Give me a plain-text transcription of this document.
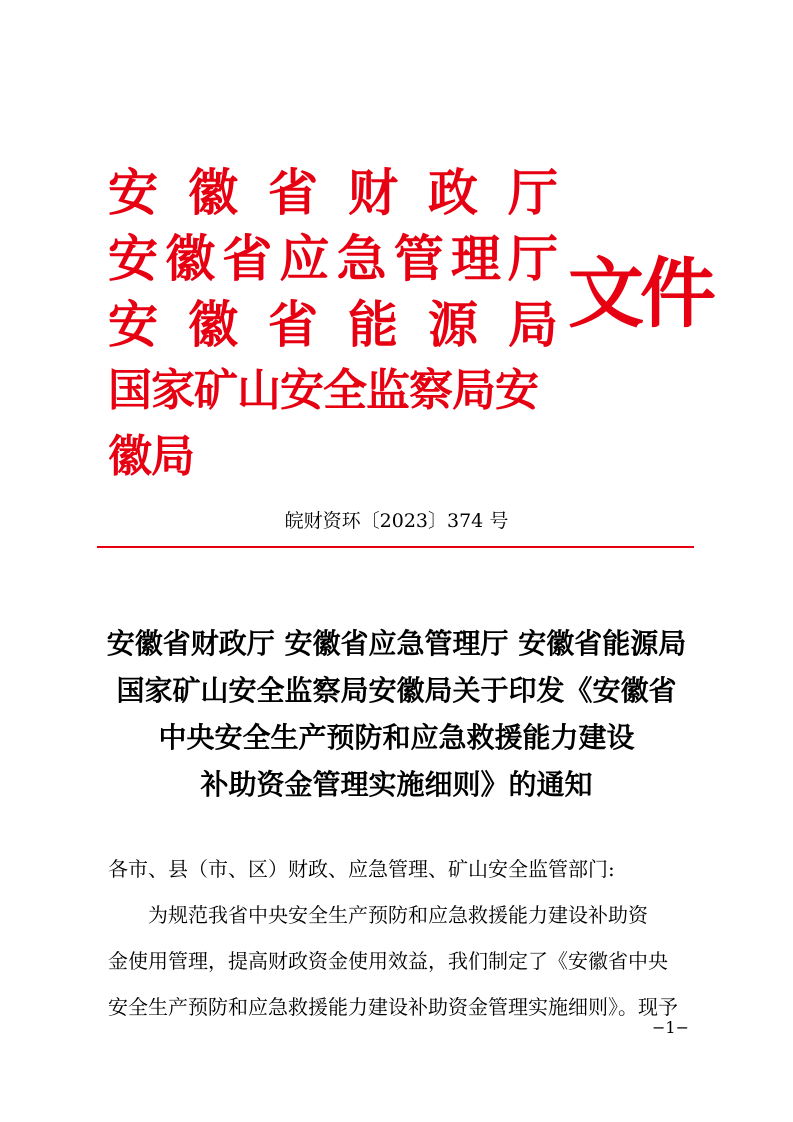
安 徽 省 财 政 厅
安 徽 省 应 急 管 理 厅
安 徽 省 能 源 局
国家矿山安全监察局安徽局
文件
皖财资环〔2023〕374 号
安徽省财政厅 安徽省应急管理厅 安徽省能源局
国家矿山安全监察局安徽局关于印发《安徽省
中央安全生产预防和应急救援能力建设
补助资金管理实施细则》的通知
各市、县（市、区）财政、应急管理、矿山安全监管部门:
为规范我省中央安全生产预防和应急救援能力建设补助资
金使用管理，提高财政资金使用效益，我们制定了《安徽省中央
安全生产预防和应急救援能力建设补助资金管理实施细则》。现予
−1−
